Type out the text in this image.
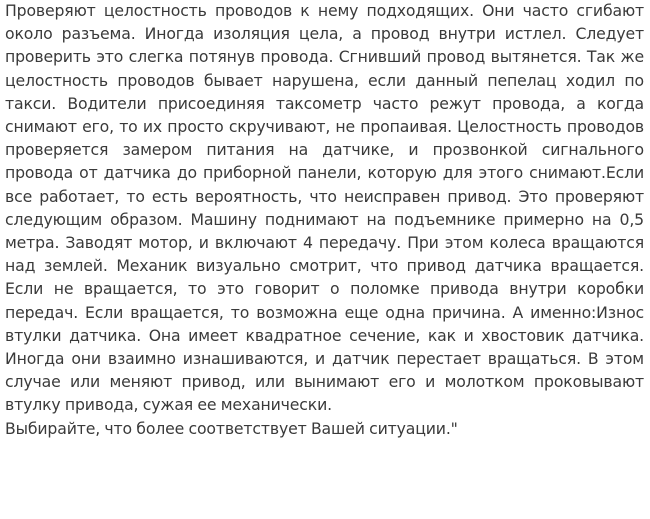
Проверяют целостность проводов к нему подходящих. Они часто сгибают около разъема. Иногда изоляция цела, а провод внутри истлел. Следует проверить это слегка потянув провода. Сгнивший провод вытянется. Так же целостность проводов бывает нарушена, если данный пепелац ходил по такси. Водители присоединяя таксометр часто режут провода, а когда снимают его, то их просто скручивают, не пропаивая. Целостность проводов проверяется замером питания на датчике, и прозвонкой сигнального провода от датчика до приборной панели, которую для этого снимают.Если все работает, то есть вероятность, что неисправен привод. Это проверяют следующим образом. Машину поднимают на подъемнике примерно на 0,5 метра. Заводят мотор, и включают 4 передачу. При этом колеса вращаются над землей. Механик визуально смотрит, что привод датчика вращается. Если не вращается, то это говорит о поломке привода внутри коробки передач. Если вращается, то возможна еще одна причина. А именно:Износ втулки датчика. Она имеет квадратное сечение, как и хвостовик датчика. Иногда они взаимно изнашиваются, и датчик перестает вращаться. В этом случае или меняют привод, или вынимают его и молотком проковывают втулку привода, сужая ее механически.

Выбирайте, что более соответствует Вашей ситуации."
